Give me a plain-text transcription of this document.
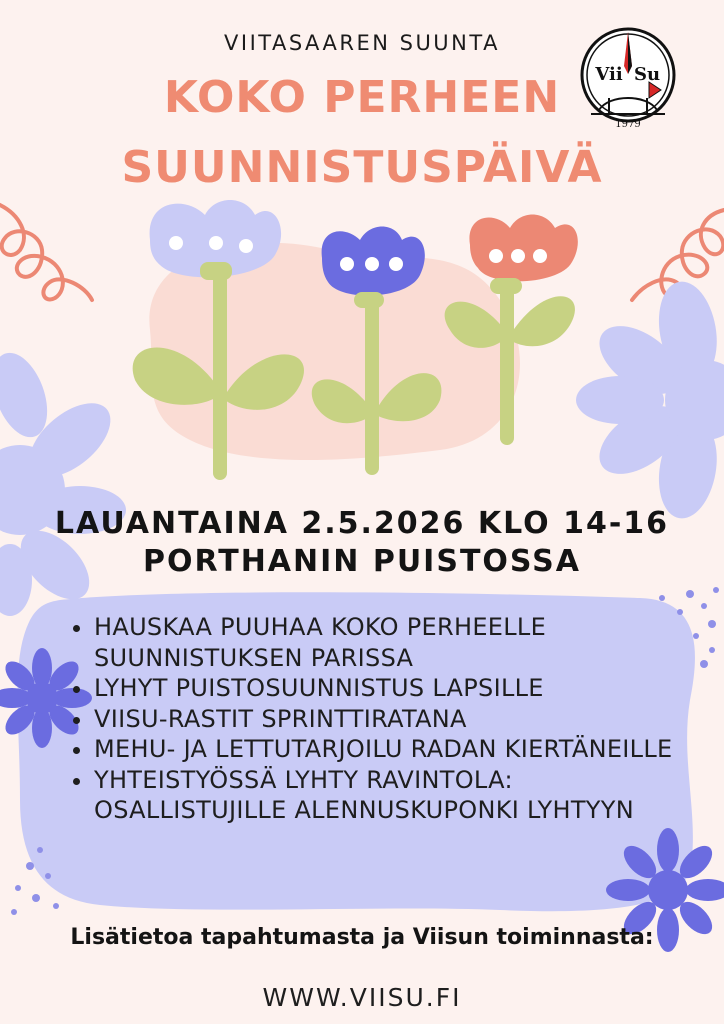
Vii Su
1979
VIITASAAREN SUUNTA
KOKO PERHEEN
SUUNNISTUSPÄIVÄ
LAUANTAINA 2.5.2026 KLO 14-16
PORTHANIN PUISTOSSA
• HAUSKAA PUUHAA KOKO PERHEELLE SUUNNISTUKSEN PARISSA
• LYHYT PUISTOSUUNNISTUS LAPSILLE
• VIISU-RASTIT SPRINTTIRATANA
• MEHU- JA LETTUTARJOILU RADAN KIERTÄNEILLE
• YHTEISTYÖSSÄ LYHTY RAVINTOLA: OSALLISTUJILLE ALENNUSKUPONKI LYHTYYN
Lisätietoa tapahtumasta ja Viisun toiminnasta:
WWW.VIISU.FI
